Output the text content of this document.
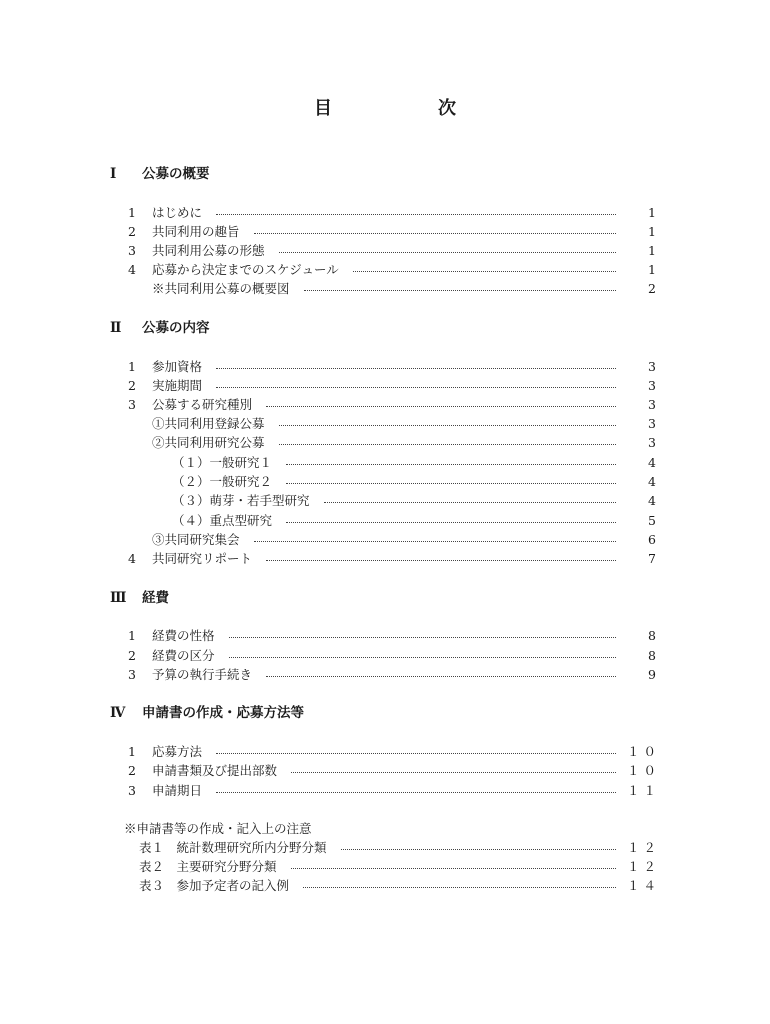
目　次
Ⅰ 公募の概要
1	はじめに	1
2	共同利用の趣旨	1
3	共同利用公募の形態	1
4	応募から決定までのスケジュール	1
※共同利用公募の概要図	2
Ⅱ 公募の内容
1	参加資格	3
2	実施期間	3
3	公募する研究種別	3
①共同利用登録公募	3
②共同利用研究公募	3
（１）一般研究１	4
（２）一般研究２	4
（３）萌芽・若手型研究	4
（４）重点型研究	5
③共同研究集会	6
4	共同研究リポート	7
Ⅲ 経費
1	経費の性格	8
2	経費の区分	8
3	予算の執行手続き	9
Ⅳ 申請書の作成・応募方法等
1	応募方法	１０
2	申請書類及び提出部数	１０
3	申請期日	１１
※申請書等の作成・記入上の注意
表１　統計数理研究所内分野分類	１２
表２　主要研究分野分類	１２
表３　参加予定者の記入例	１４
